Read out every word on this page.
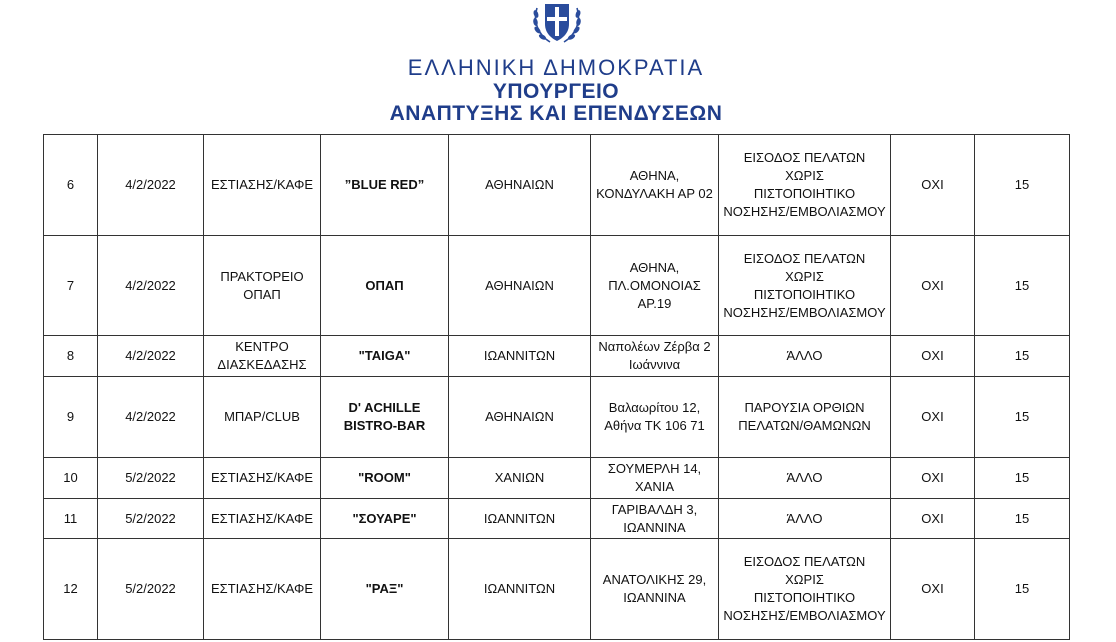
ΕΛΛΗΝΙΚΗ ΔΗΜΟΚΡΑΤΙΑ
ΥΠΟΥΡΓΕΙΟ
ΑΝΑΠΤΥΞΗΣ ΚΑΙ ΕΠΕΝΔΥΣΕΩΝ
6	4/2/2022	ΕΣΤΙΑΣΗΣ/ΚΑΦΕ	”BLUE RED”	ΑΘΗΝΑΙΩΝ	ΑΘΗΝΑ,
ΚΟΝΔΥΛΑΚΗ ΑΡ 02	ΕΙΣΟΔΟΣ ΠΕΛΑΤΩΝ ΧΩΡΙΣ
ΠΙΣΤΟΠΟΙΗΤΙΚΟ
ΝΟΣΗΣΗΣ/ΕΜΒΟΛΙΑΣΜΟΥ	ΟΧΙ	15
7	4/2/2022	ΠΡΑΚΤΟΡΕΙΟ
ΟΠΑΠ	ΟΠΑΠ	ΑΘΗΝΑΙΩΝ	ΑΘΗΝΑ,
ΠΛ.ΟΜΟΝΟΙΑΣ
ΑΡ.19	ΕΙΣΟΔΟΣ ΠΕΛΑΤΩΝ ΧΩΡΙΣ
ΠΙΣΤΟΠΟΙΗΤΙΚΟ
ΝΟΣΗΣΗΣ/ΕΜΒΟΛΙΑΣΜΟΥ	ΟΧΙ	15
8	4/2/2022	ΚΕΝΤΡΟ
ΔΙΑΣΚΕΔΑΣΗΣ	"TAIGA"	ΙΩΑΝΝΙΤΩΝ	Ναπολέων Ζέρβα 2
Ιωάννινα	ΆΛΛΟ	ΟΧΙ	15
9	4/2/2022	ΜΠΑΡ/CLUB	D' ACHILLE
BISTRO-BAR	ΑΘΗΝΑΙΩΝ	Βαλαωρίτου 12,
Αθήνα ΤΚ 106 71	ΠΑΡΟΥΣΙΑ ΟΡΘΙΩΝ
ΠΕΛΑΤΩΝ/ΘΑΜΩΝΩΝ	ΟΧΙ	15
10	5/2/2022	ΕΣΤΙΑΣΗΣ/ΚΑΦΕ	"ROOM"	ΧΑΝΙΩΝ	ΣΟΥΜΕΡΛΗ 14,
ΧΑΝΙΑ	ΆΛΛΟ	ΟΧΙ	15
11	5/2/2022	ΕΣΤΙΑΣΗΣ/ΚΑΦΕ	"ΣΟΥΑΡΕ"	ΙΩΑΝΝΙΤΩΝ	ΓΑΡΙΒΑΛΔΗ 3,
ΙΩΑΝΝΙΝΑ	ΆΛΛΟ	ΟΧΙ	15
12	5/2/2022	ΕΣΤΙΑΣΗΣ/ΚΑΦΕ	"ΡΑΞ"	ΙΩΑΝΝΙΤΩΝ	ΑΝΑΤΟΛΙΚΗΣ 29,
ΙΩΑΝΝΙΝΑ	ΕΙΣΟΔΟΣ ΠΕΛΑΤΩΝ ΧΩΡΙΣ
ΠΙΣΤΟΠΟΙΗΤΙΚΟ
ΝΟΣΗΣΗΣ/ΕΜΒΟΛΙΑΣΜΟΥ	ΟΧΙ	15
